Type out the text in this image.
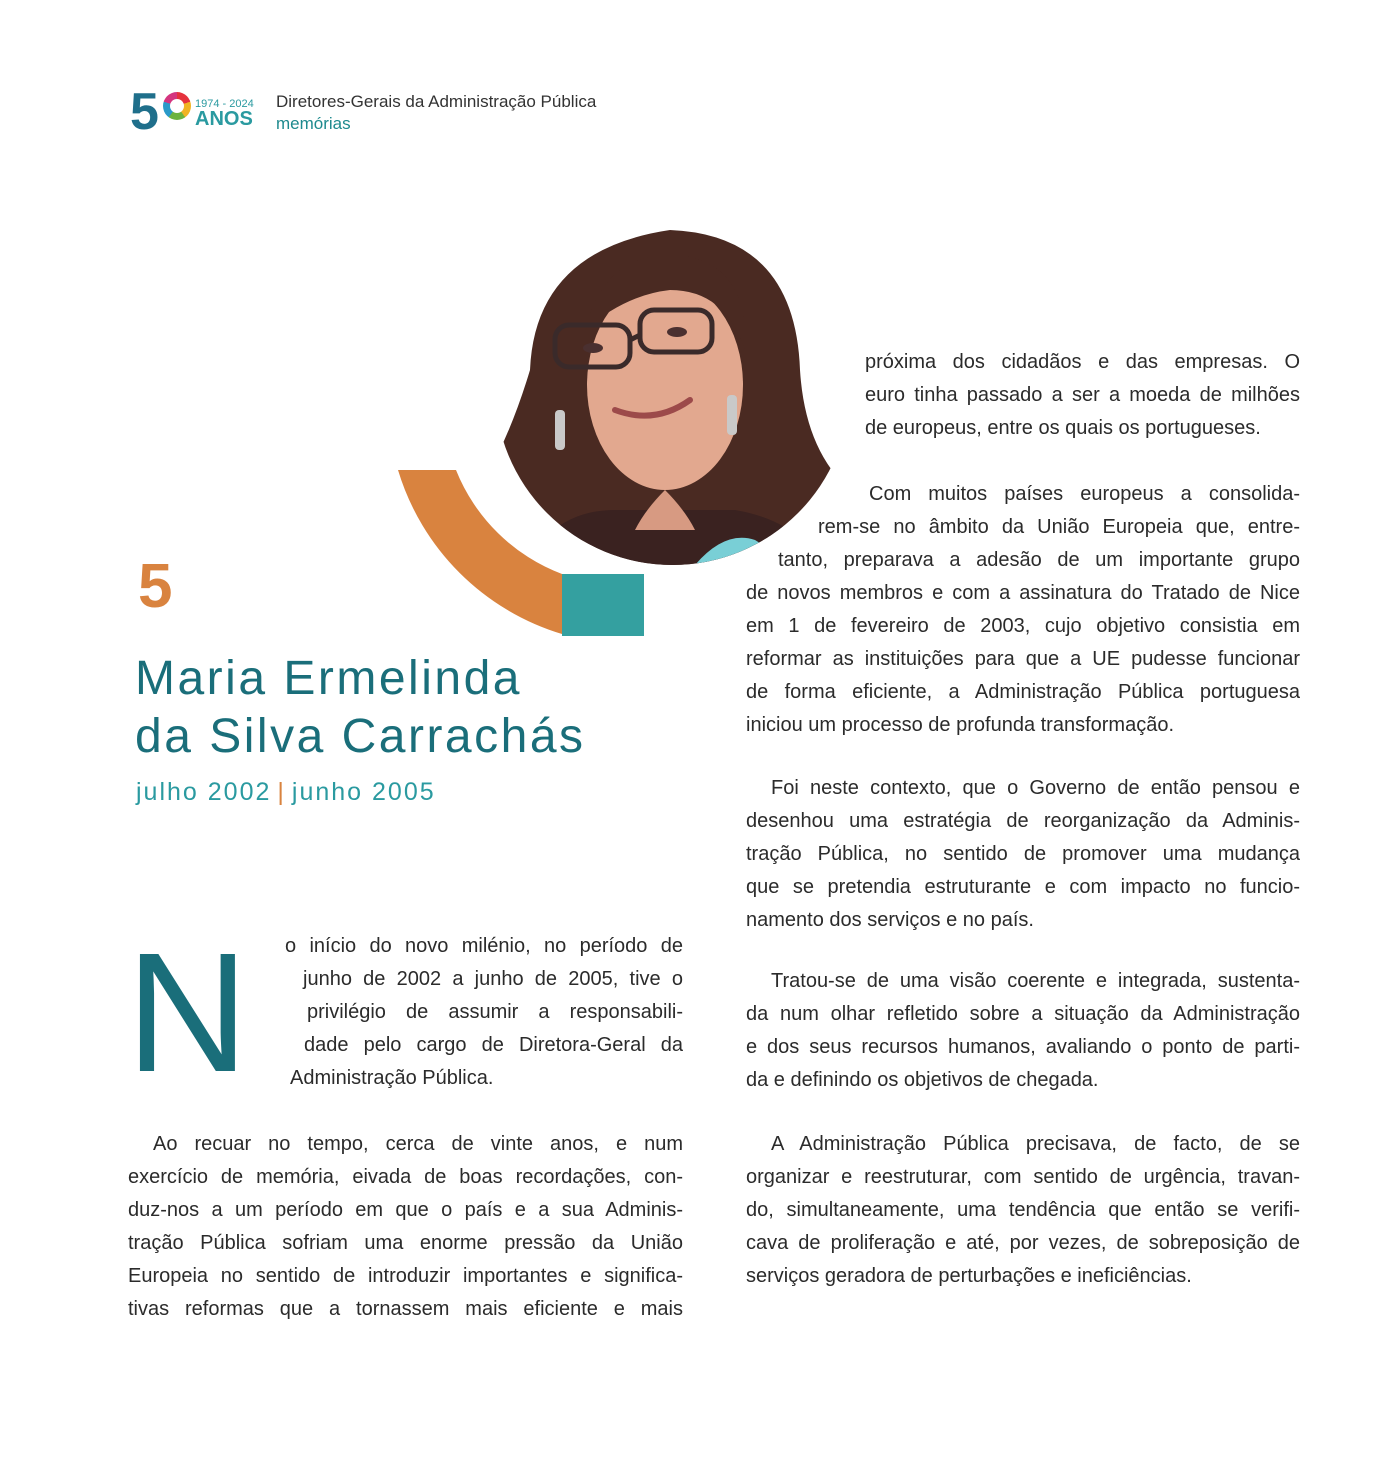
5	1974 - 2024
ANOS
Diretores-Gerais da Administração Pública
memórias
5
Maria Ermelinda
da Silva Carrachás
julho 2002 | junho 2005
N o início do novo milénio, no período de
junho de 2002 a junho de 2005, tive o
privilégio de assumir a responsabili-
dade pelo cargo de Diretora-Geral da
Administração Pública.
Ao recuar no tempo, cerca de vinte anos, e num
exercício de memória, eivada de boas recordações, con-
duz-nos a um período em que o país e a sua Adminis-
tração Pública sofriam uma enorme pressão da União
Europeia no sentido de introduzir importantes e significa-
tivas reformas que a tornassem mais eficiente e mais
próxima dos cidadãos e das empresas. O
euro tinha passado a ser a moeda de milhões
de europeus, entre os quais os portugueses.
Com muitos países europeus a consolida-
rem-se no âmbito da União Europeia que, entre-
tanto, preparava a adesão de um importante grupo
de novos membros e com a assinatura do Tratado de Nice
em 1 de fevereiro de 2003, cujo objetivo consistia em
reformar as instituições para que a UE pudesse funcionar
de forma eficiente, a Administração Pública portuguesa
iniciou um processo de profunda transformação.
Foi neste contexto, que o Governo de então pensou e
desenhou uma estratégia de reorganização da Adminis-
tração Pública, no sentido de promover uma mudança
que se pretendia estruturante e com impacto no funcio-
namento dos serviços e no país.
Tratou-se de uma visão coerente e integrada, sustenta-
da num olhar refletido sobre a situação da Administração
e dos seus recursos humanos, avaliando o ponto de parti-
da e definindo os objetivos de chegada.
A Administração Pública precisava, de facto, de se
organizar e reestruturar, com sentido de urgência, travan-
do, simultaneamente, uma tendência que então se verifi-
cava de proliferação e até, por vezes, de sobreposição de
serviços geradora de perturbações e ineficiências.
